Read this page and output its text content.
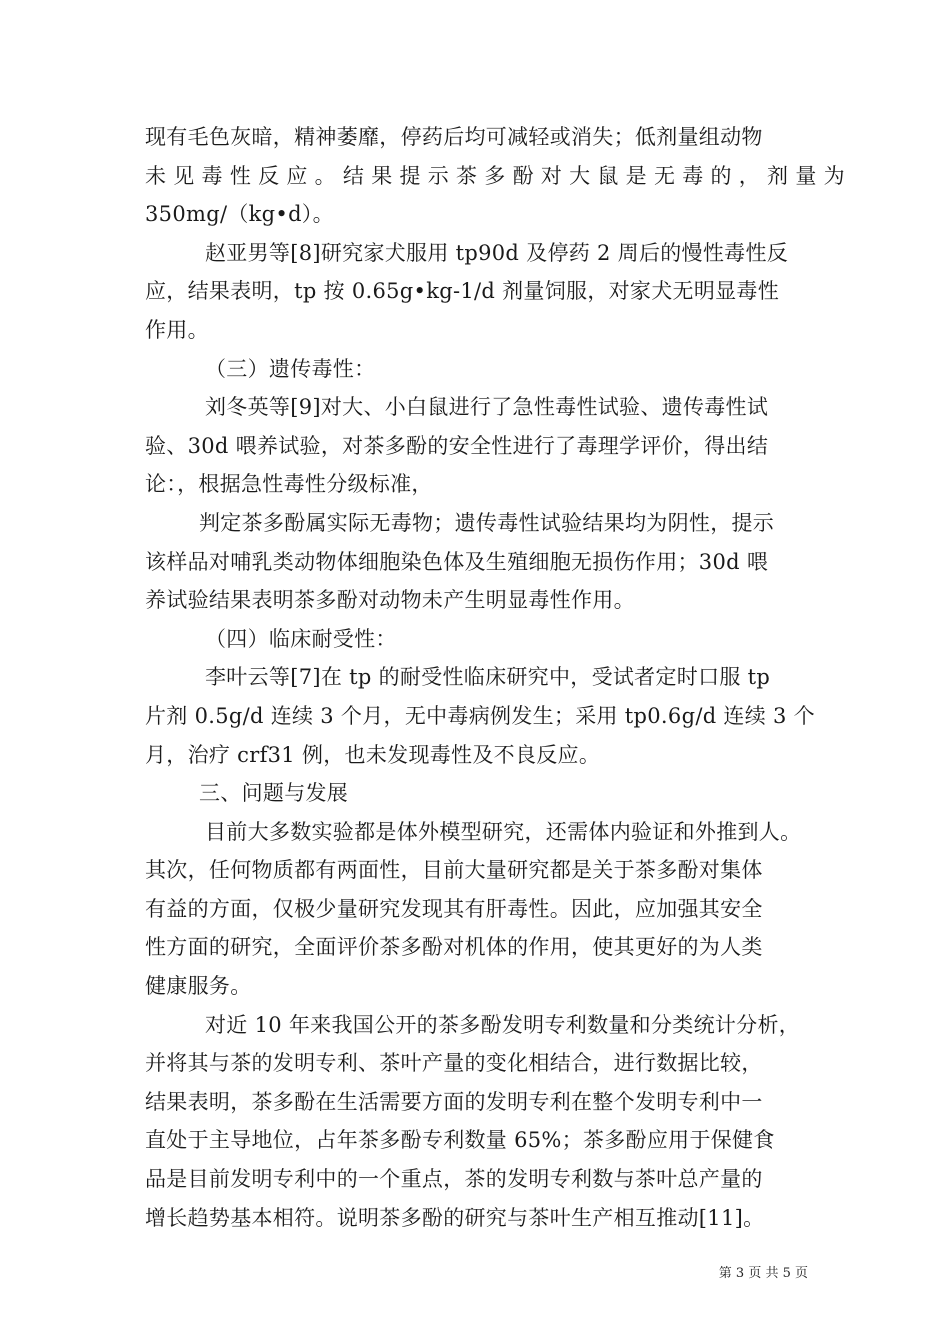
现有毛色灰暗，精神萎靡，停药后均可减轻或消失；低剂量组动物
未 见 毒 性 反 应 。 结 果 提 示 茶 多 酚 对 大 鼠 是 无 毒 的 ， 剂 量 为
350mg/（kg•d）。
赵亚男等[8]研究家犬服用 tp90d 及停药 2 周后的慢性毒性反
应，结果表明，tp 按 0.65g•kg-1/d 剂量饲服，对家犬无明显毒性
作用。
（三）遗传毒性：
刘冬英等[9]对大、小白鼠进行了急性毒性试验、遗传毒性试
验、30d 喂养试验，对茶多酚的安全性进行了毒理学评价，得出结
论：，根据急性毒性分级标准，
判定茶多酚属实际无毒物；遗传毒性试验结果均为阴性，提示
该样品对哺乳类动物体细胞染色体及生殖细胞无损伤作用；30d 喂
养试验结果表明茶多酚对动物未产生明显毒性作用。
（四）临床耐受性：
李叶云等[7]在 tp 的耐受性临床研究中，受试者定时口服 tp
片剂 0.5g/d 连续 3 个月，无中毒病例发生；采用 tp0.6g/d 连续 3 个
月，治疗 crf31 例，也未发现毒性及不良反应。
三、问题与发展
目前大多数实验都是体外模型研究，还需体内验证和外推到人。
其次，任何物质都有两面性，目前大量研究都是关于茶多酚对集体
有益的方面，仅极少量研究发现其有肝毒性。因此，应加强其安全
性方面的研究，全面评价茶多酚对机体的作用，使其更好的为人类
健康服务。
对近 10 年来我国公开的茶多酚发明专利数量和分类统计分析，
并将其与茶的发明专利、茶叶产量的变化相结合，进行数据比较，
结果表明，茶多酚在生活需要方面的发明专利在整个发明专利中一
直处于主导地位，占年茶多酚专利数量 65%；茶多酚应用于保健食
品是目前发明专利中的一个重点，茶的发明专利数与茶叶总产量的
增长趋势基本相符。说明茶多酚的研究与茶叶生产相互推动[11]。
第 3 页 共 5 页
